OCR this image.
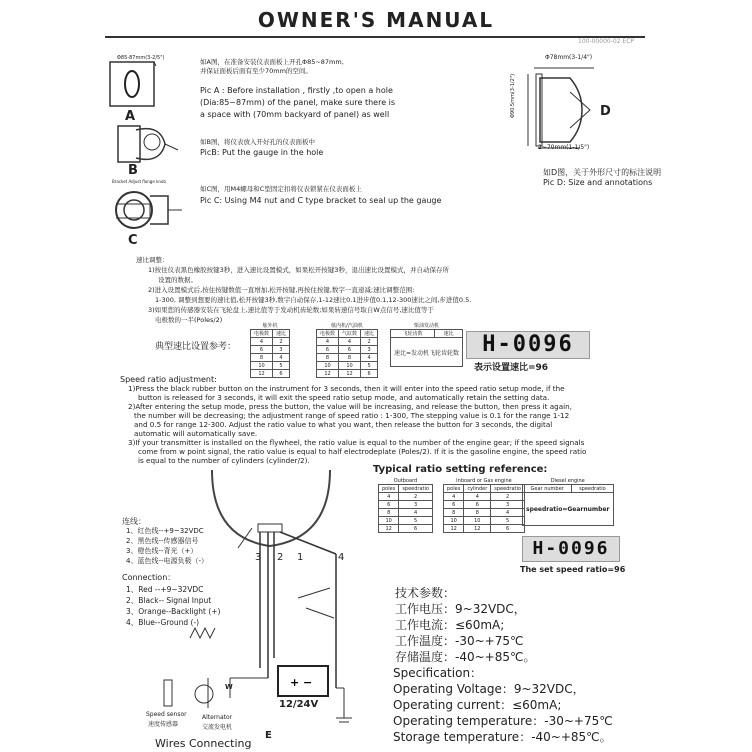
OWNER'S MANUAL
100-00000-02 ECP
Φ85-87mm(3-2/5")
A
B
Bracket Adjust flange knob
C
如A图，在准备安装仪表面板上开孔Φ85~87mm,
并保证面板后面有至少70mm的空间。
Pic A : Before installation , firstly ,to open a hole
(Dia:85~87mm) of the panel, make sure there is
a space with (70mm backyard of panel) as well
如B图，将仪表放入开好孔的仪表面板中
PicB: Put the gauge in the hole
如C图，用M4螺母和C型固定扣将仪表锁紧在仪表面板上
Pic C: Using M4 nut and C type bracket to seal up the gauge
Φ78mm(3-1/4")
Φ90.5mm(3-1/2")
2~70mm(1-1/5")
D
如D图，关于外形尺寸的标注说明
Pic D: Size and annotations
速比调整：
1)按住仪表黑色橡胶按键3秒，进入速比设置模式，如果松开按键3秒，退出速比设置模式，并自动保存所
设置的数据。
2)进入设置模式后,按住按键数值一直增加,松开按键,再按住按键,数字一直递减;速比调整范围:
1-300, 调整到想要的速比值,松开按键3秒,数字自动保存,1-12速比0.1进步值0.1,12-300速比之间,步进值0.5.
3)如果您的传感器安装在飞轮盘上,速比值等于发动机齿轮数;如果转速信号取自W点信号,速比值等于
电极数的一半(Poles/2)
典型速比设置参考：
舷外机
电极数	速比
4	2
6	3
8	4
10	5
12	6
舷内机/汽油机
电极数	气缸数	速比
4	4	2
6	6	3
8	8	4
10	10	5
12	12	6
柴油发动机
飞轮齿数	速比
速比=发动机飞轮齿轮数	H-0096
表示设置速比=96
Speed ratio adjustment:
1)Press the black rubber button on the instrument for 3 seconds, then it will enter into the speed ratio setup mode, if the
button is released for 3 seconds, it will exit the speed ratio setup mode, and automatically retain the setting data.
2)After entering the setup mode, press the button, the value will be increasing, and release the button, then press it again,
the number will be decreasing; the adjustment range of speed ratio : 1-300, The stepping value is 0.1 for the range 1-12
and 0.5 for range 12-300. Adjust the ratio value to what you want, then release the button for 3 seconds, the digital
automatic will automatically save.
3)If your transmitter is installed on the flywheel, the ratio value is equal to the number of the engine gear; if the speed signals
come from w point signal, the ratio value is equal to half electrodeplate (Poles/2). If it is the gasoline engine, the speed ratio
is equal to the number of cylinders (cylinder/2).
Typical ratio setting reference:
Outboard
poles	speedratio
4	2
6	3
8	4
10	5
12	6
Inboard or Gas engine
poles	cylinder	speedratio
4	4	2
6	6	3
8	8	4
10	10	5
12	12	6
Diesel engine
Gear number	speedratio
speedratio=Gearnumber
H-0096
The set speed ratio=96
+ −
3 2 1	4
12/24V
Speed sensor
速度传感器
Alternator
交流发电机
W
Wires Connecting
E
连线：
1、红色线--+9~32VDC
2、黑色线--传感器信号
3、橙色线--背光（+）
4、蓝色线--电源负极（-）
Connection：
1、Red --+9~32VDC
2、Black-- Signal Input
3、Orange--Backlight (+)
4、Blue--Ground (-)
技术参数：
工作电压：9~32VDC，
工作电流：≤60mA;
工作温度：-30~+75℃
存储温度：-40~+85℃。
Specification：
Operating Voltage：9~32VDC，
Operating current：≤60mA;
Operating temperature：-30~+75℃
Storage temperature：-40~+85℃。
